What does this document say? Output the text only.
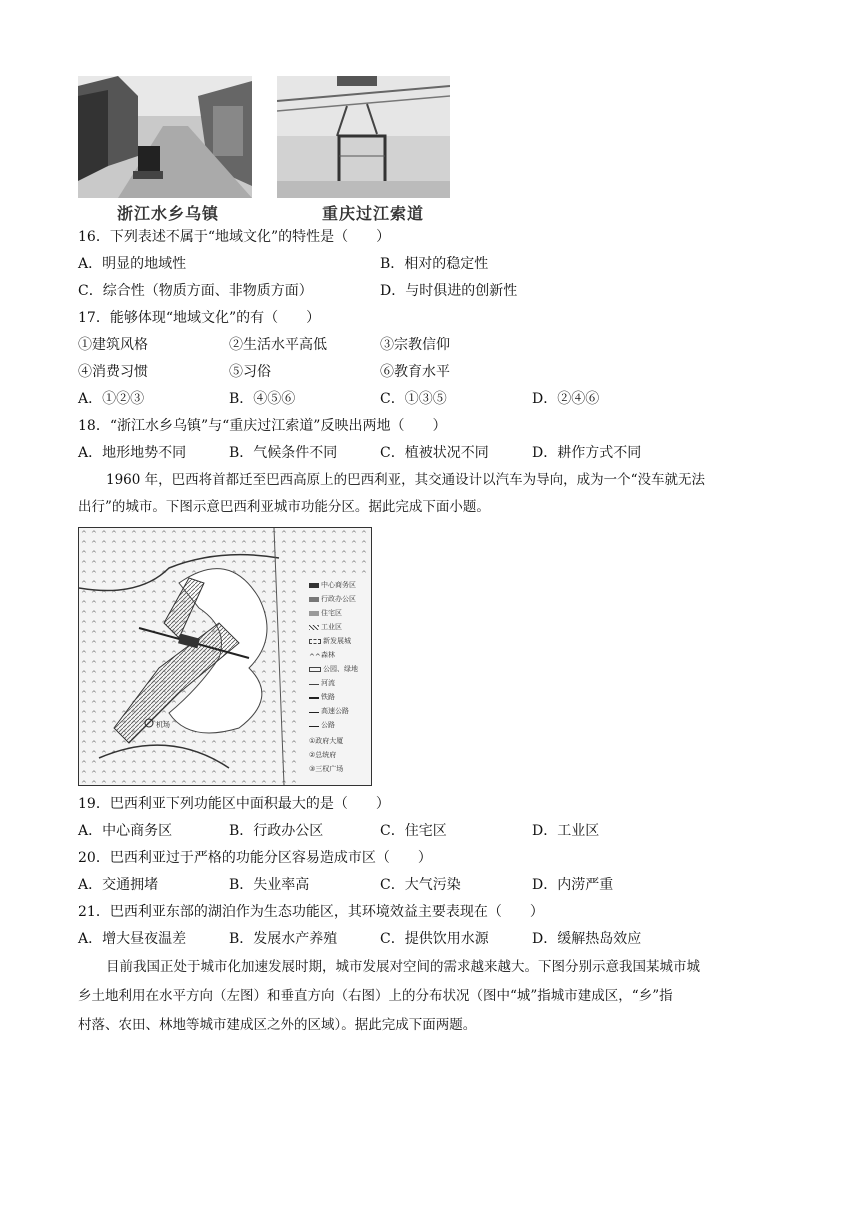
浙江水乡乌镇	重庆过江索道
16．下列表述不属于“地域文化”的特性是（　　）
A．明显的地域性	B．相对的稳定性
C．综合性（物质方面、非物质方面）	D．与时俱进的创新性
17．能够体现“地域文化”的有（　　）
①建筑风格	②生活水平高低	③宗教信仰
④消费习惯	⑤习俗	⑥教育水平
A．①②③	B．④⑤⑥	C．①③⑤	D．②④⑥
18．“浙江水乡乌镇”与“重庆过江索道”反映出两地（　　）
A．地形地势不同	B．气候条件不同	C．植被状况不同	D．耕作方式不同
1960 年，巴西将首都迁至巴西高原上的巴西利亚，其交通设计以汽车为导向，成为一个“没车就无法
出行”的城市。下图示意巴西利亚城市功能分区。据此完成下面小题。
机场
中心商务区
行政办公区
住宅区
工业区
新发展城
^^森林
公园、绿地
河流
铁路
高速公路
公路
①政府大厦
②总统府
③三权广场
19．巴西利亚下列功能区中面积最大的是（　　）
A．中心商务区	B．行政办公区	C．住宅区	D．工业区
20．巴西利亚过于严格的功能分区容易造成市区（　　）
A．交通拥堵	B．失业率高	C．大气污染	D．内涝严重
21．巴西利亚东部的湖泊作为生态功能区，其环境效益主要表现在（　　）
A．增大昼夜温差	B．发展水产养殖	C．提供饮用水源	D．缓解热岛效应
目前我国正处于城市化加速发展时期，城市发展对空间的需求越来越大。下图分别示意我国某城市城
乡土地利用在水平方向（左图）和垂直方向（右图）上的分布状况（图中“城”指城市建成区，“乡”指
村落、农田、林地等城市建成区之外的区域）。据此完成下面两题。
